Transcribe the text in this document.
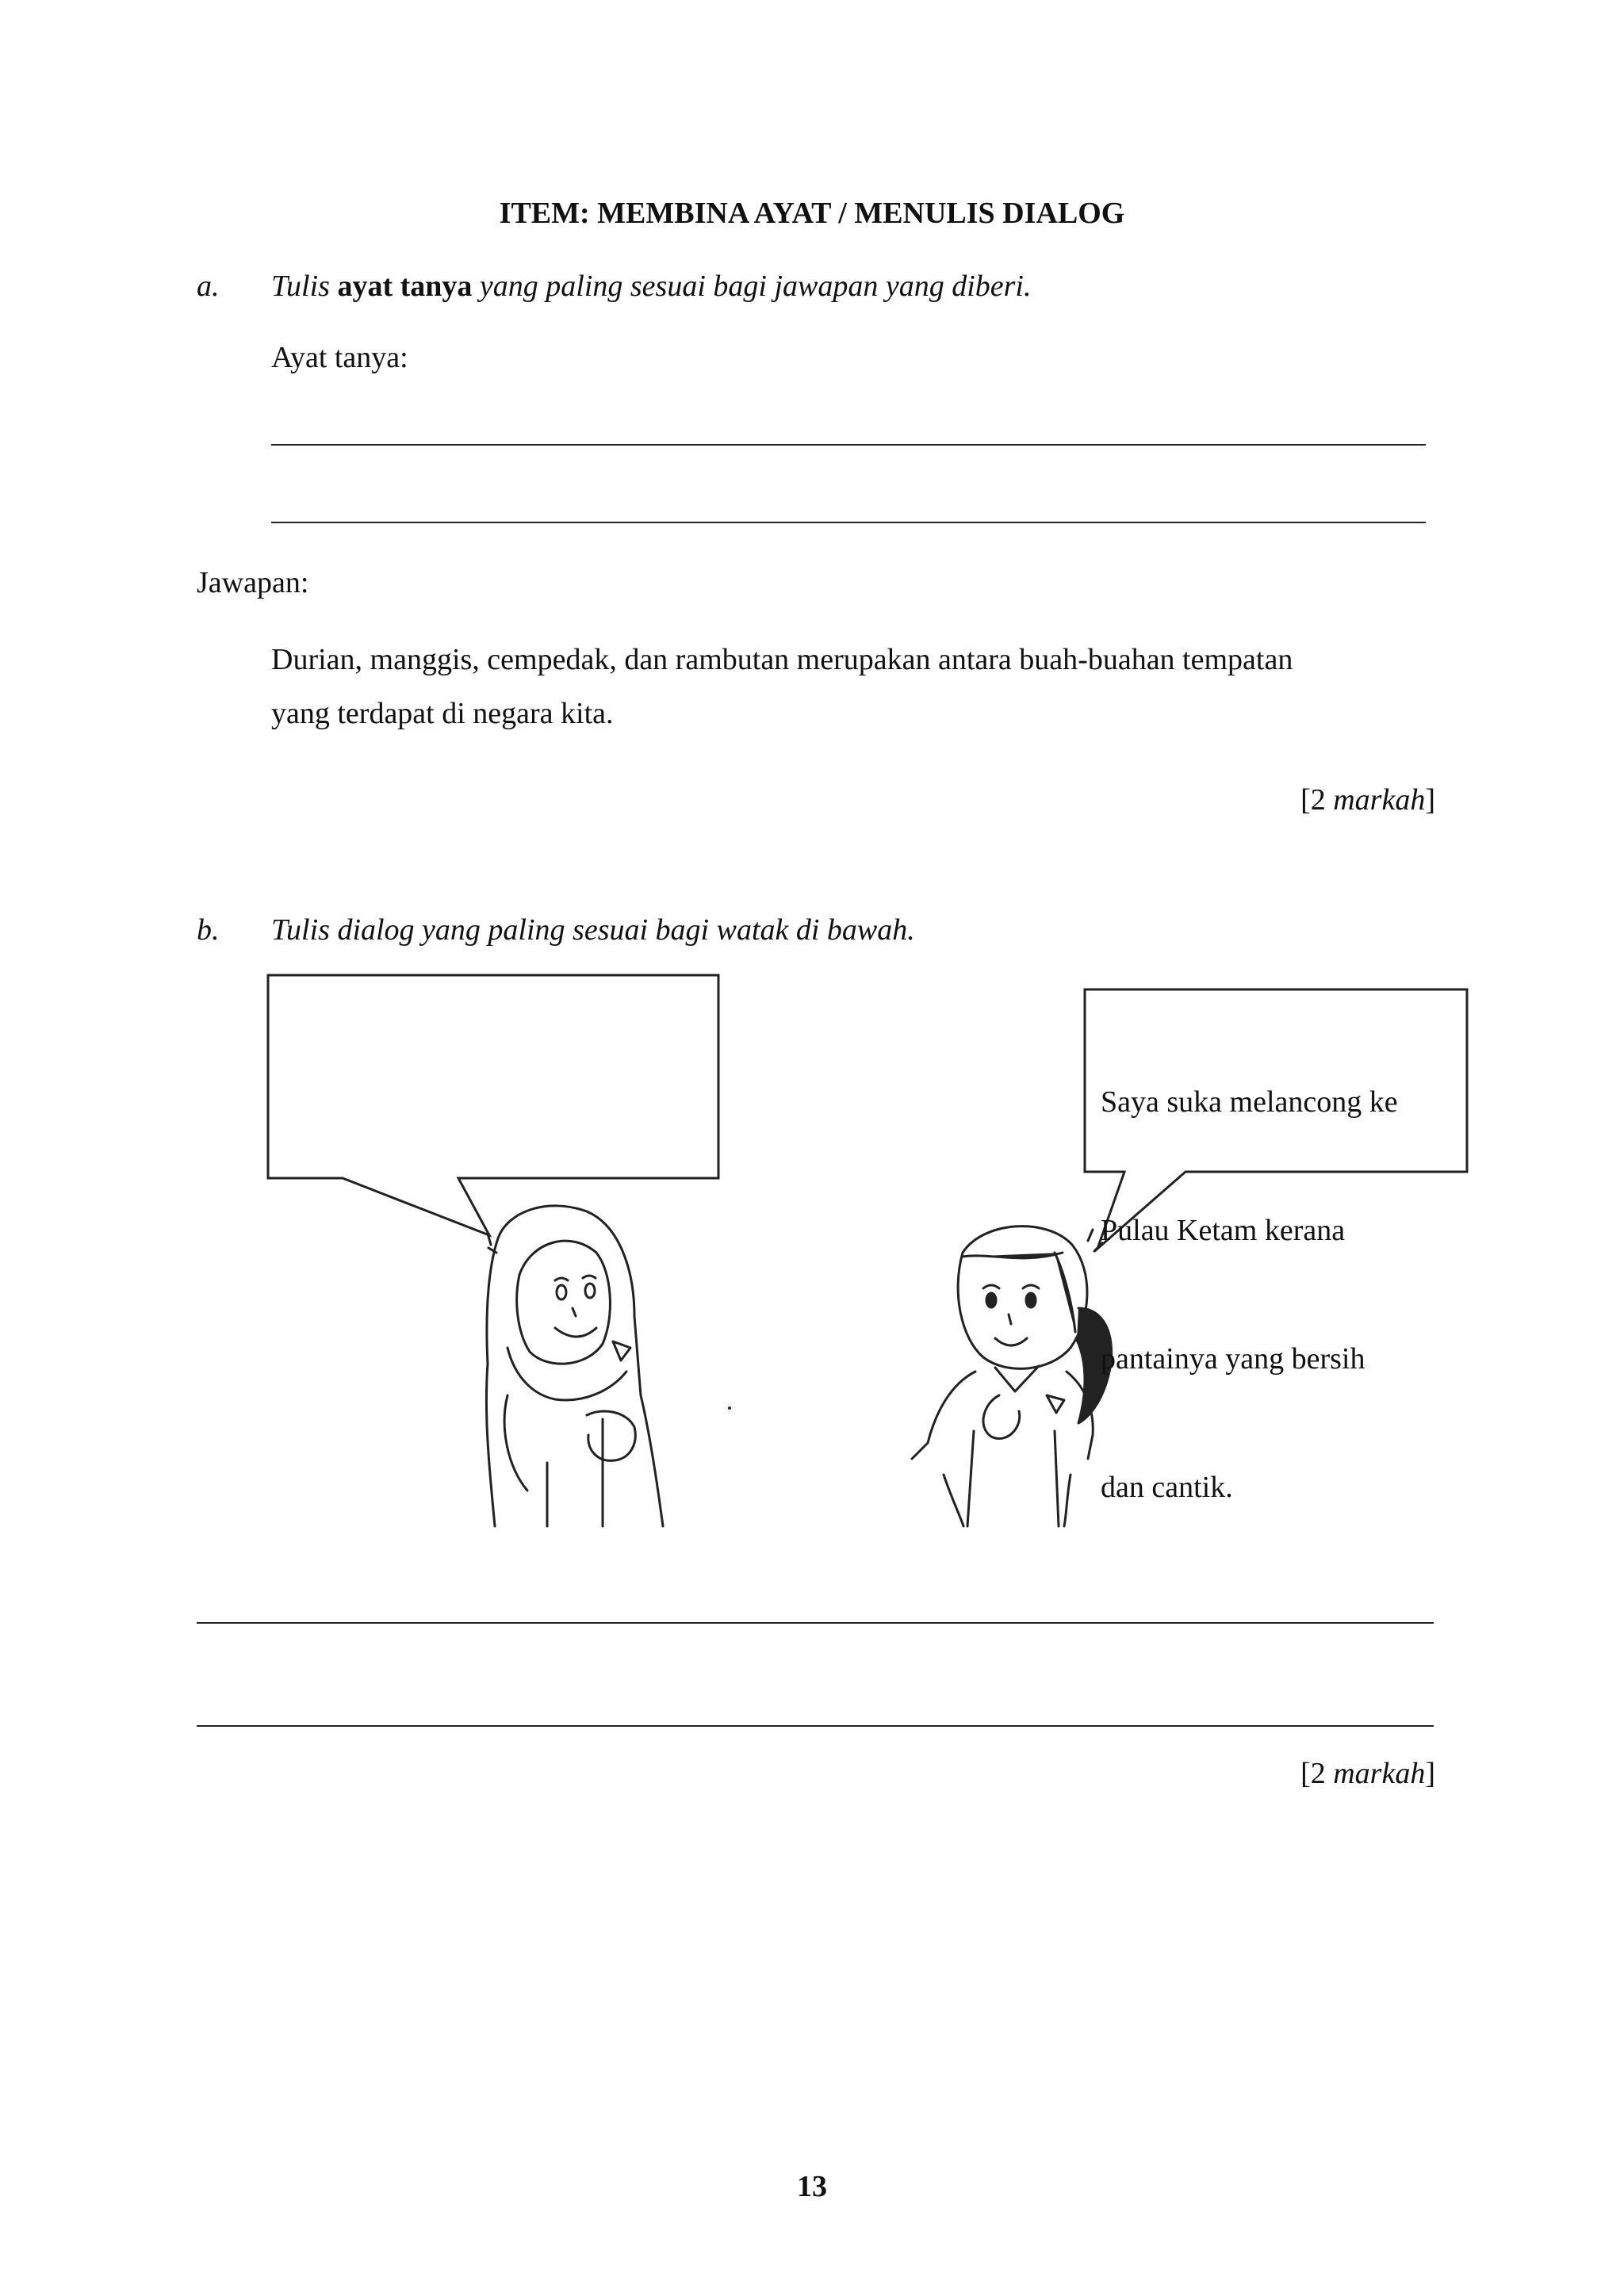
ITEM: MEMBINA AYAT / MENULIS DIALOG
a. Tulis ayat tanya yang paling sesuai bagi jawapan yang diberi.
Ayat tanya:
Jawapan:
Durian, manggis, cempedak, dan rambutan merupakan antara buah-buahan tempatan
yang terdapat di negara kita.
[2 markah]
b. Tulis dialog yang paling sesuai bagi watak di bawah.

Saya suka melancong ke

Pulau Ketam kerana

pantainya yang bersih

dan cantik.

[2 markah]
13
